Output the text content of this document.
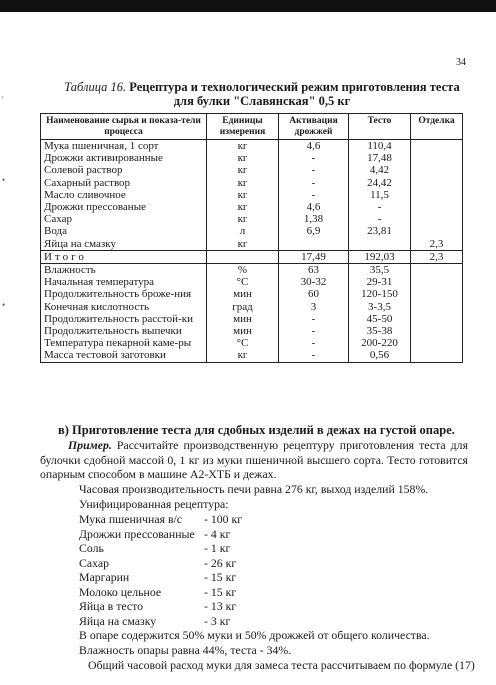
'
•
•
34
Таблица 16. Рецептура и технологический режим приготовления теста
для булки "Славянская" 0,5 кг
Наименование сырья и показа-тели процесса	Единицы измерения	Активация дрожжей	Тесто	Отделка
Мука пшеничная, 1 сорт	кг	4,6	110,4	
Дрожжи активированные	кг	-	17,48	
Солевой раствор	кг	-	4,42	
Сахарный раствор	кг	-	24,42	
Масло сливочное	кг	-	11,5	
Дрожжи прессованые	кг	4,6	-	
Сахар	кг	1,38	-	
Вода	л	6,9	23,81	
Яйца на смазку	кг			2,3
Итого		17,49	192,03	2,3
Влажность	%	63	35,5	
Начальная температура	°С	30-32	29-31	
Продолжительность броже-ния	мин	60	120-150	
Конечная кислотность	град	3	3-3,5	
Продолжительность расстой-ки	мин	-	45-50	
Продолжительность выпечки	мин	-	35-38	
Температура пекарной каме-ры	°С	-	200-220	
Масса тестовой заготовки	кг	-	0,56	
в) Приготовление теста для сдобных изделий в дежах на густой опаре.
Пример. Рассчитайте производственную рецептуру приготовления теста для булочки сдобной массой 0, 1 кг из муки пшеничной высшего сорта. Тесто готовится опарным способом в машине А2-ХТБ и дежах.
Часовая производительность печи равна 276 кг, выход изделий 158%.
Унифицированная рецептура:
Мука пшеничная в/с - 100 кг
Дрожжи прессованные - 4 кг
Соль	- 1 кг
Сахар	- 26 кг
Маргарин	- 15 кг
Молоко цельное	- 15 кг
Яйца в тесто	- 13 кг
Яйца на смазку	- 3 кг
В опаре содержится 50% муки и 50% дрожжей от общего количества.
Влажность опары равна 44%, теста - 34%.
Общий часовой расход муки для замеса теста рассчитываем по формуле (17)
